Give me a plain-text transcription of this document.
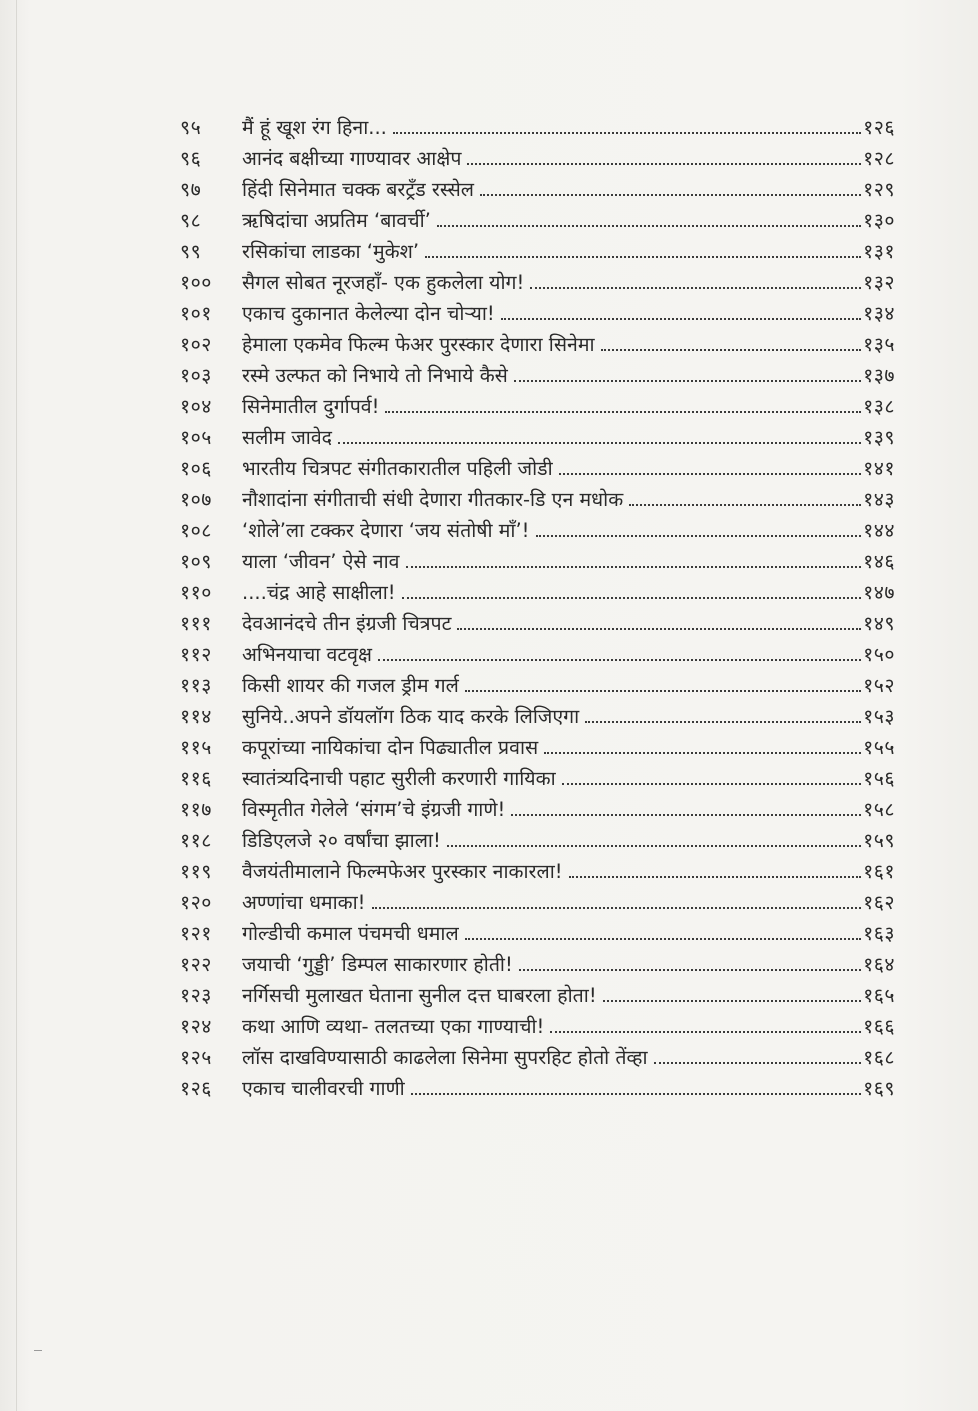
९५	मैं हूं खूश रंग हिना...	१२६
९६	आनंद बक्षीच्या गाण्यावर आक्षेप	१२८
९७	हिंदी सिनेमात चक्क बरट्रँड रस्सेल	१२९
९८	ऋषिदांचा अप्रतिम ‘बावर्ची’	१३०
९९	रसिकांचा लाडका ‘मुकेश’	१३१
१००	सैगल सोबत नूरजहाँ- एक हुकलेला योग!	१३२
१०१	एकाच दुकानात केलेल्या दोन चोऱ्या!	१३४
१०२	हेमाला एकमेव फिल्म फेअर पुरस्कार देणारा सिनेमा	१३५
१०३	रस्मे उल्फत को निभाये तो निभाये कैसे	१३७
१०४	सिनेमातील दुर्गापर्व!	१३८
१०५	सलीम जावेद	१३९
१०६	भारतीय चित्रपट संगीतकारातील पहिली जोडी	१४१
१०७	नौशादांना संगीताची संधी देणारा गीतकार-डि एन मधोक	१४३
१०८	‘शोले’ला टक्कर देणारा ‘जय संतोषी माँ’!	१४४
१०९	याला ‘जीवन’ ऐसे नाव	१४६
११०	....चंद्र आहे साक्षीला!	१४७
१११	देवआनंदचे तीन इंग्रजी चित्रपट	१४९
११२	अभिनयाचा वटवृक्ष	१५०
११३	किसी शायर की गजल ड्रीम गर्ल	१५२
११४	सुनिये..अपने डॉयलॉग ठिक याद करके लिजिएगा	१५३
११५	कपूरांच्या नायिकांचा दोन पिढ्यातील प्रवास	१५५
११६	स्वातंत्र्यदिनाची पहाट सुरीली करणारी गायिका	१५६
११७	विस्मृतीत गेलेले ‘संगम’चे इंग्रजी गाणे!	१५८
११८	डिडिएलजे २० वर्षांचा झाला!	१५९
११९	वैजयंतीमालाने फिल्मफेअर पुरस्कार नाकारला!	१६१
१२०	अण्णांचा धमाका!	१६२
१२१	गोल्डीची कमाल पंचमची धमाल	१६३
१२२	जयाची ‘गुड्डी’ डिम्पल साकारणार होती!	१६४
१२३	नर्गिसची मुलाखत घेताना सुनील दत्त घाबरला होता!	१६५
१२४	कथा आणि व्यथा- तलतच्या एका गाण्याची!	१६६
१२५	लॉस दाखविण्यासाठी काढलेला सिनेमा सुपरहिट होतो तेंव्हा	१६८
१२६	एकाच चालीवरची गाणी	१६९
